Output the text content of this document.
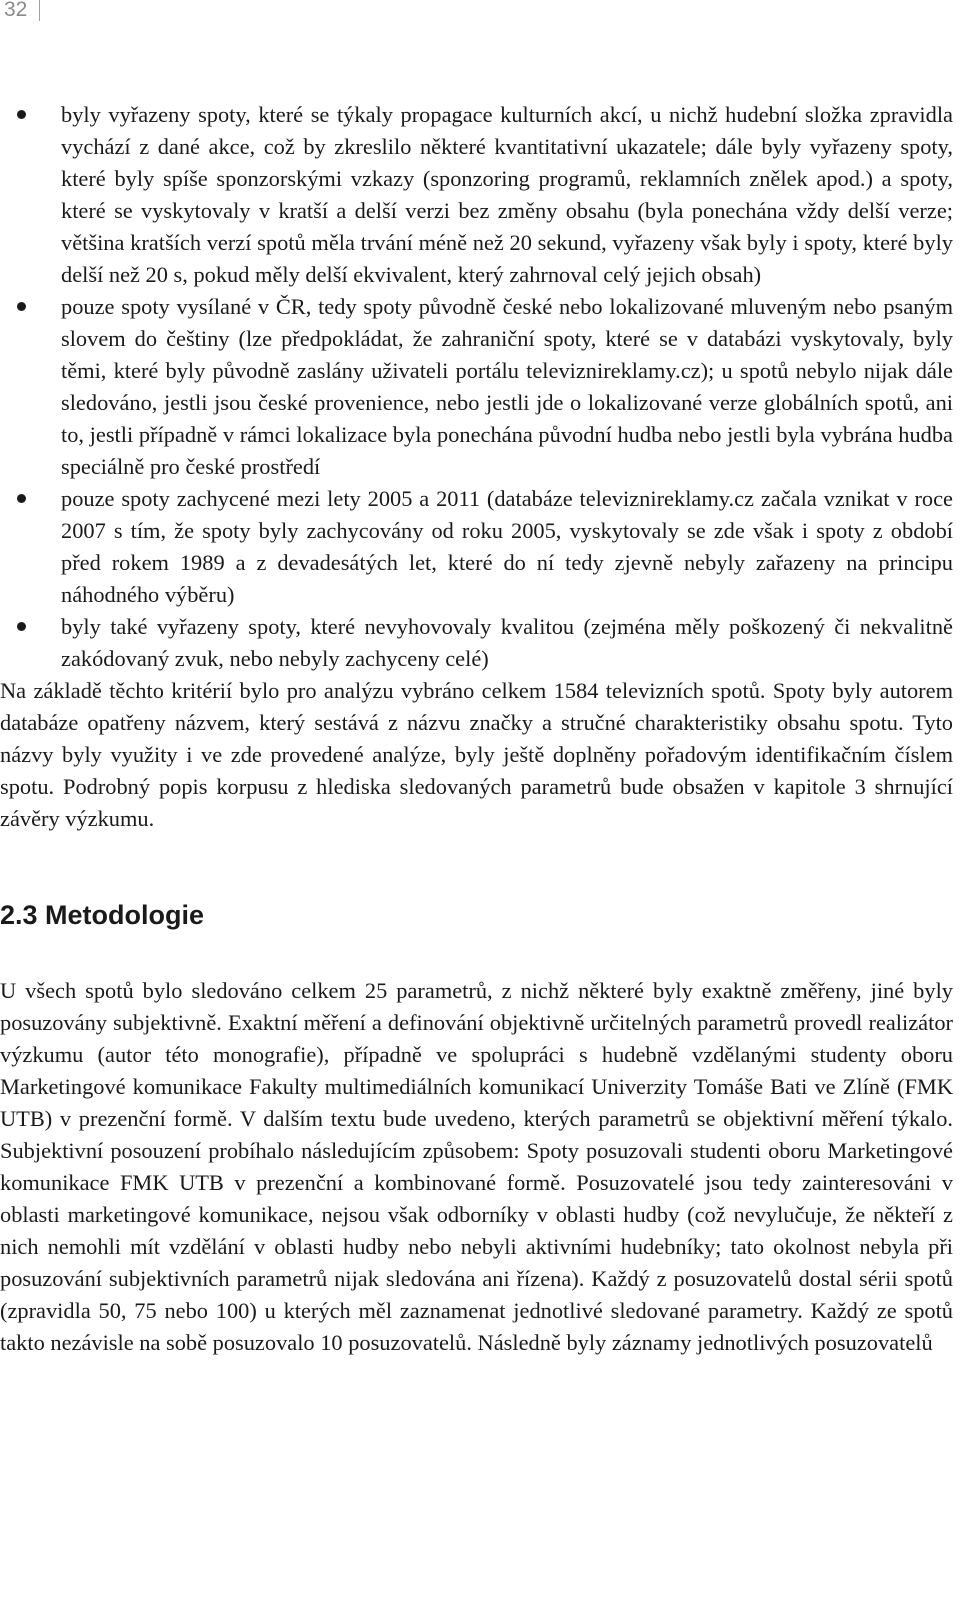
32
byly vyřazeny spoty, které se týkaly propagace kulturních akcí, u nichž hudební složka zpravidla vychází z dané akce, což by zkreslilo některé kvantitativní ukazatele; dále byly vyřazeny spoty, které byly spíše sponzorskými vzkazy (sponzoring programů, reklamních znělek apod.) a spoty, které se vyskytovaly v kratší a delší verzi bez změny obsahu (byla ponechána vždy delší verze; většina kratších verzí spotů měla trvání méně než 20 sekund, vyřazeny však byly i spoty, které byly delší než 20 s, pokud měly delší ekvivalent, který zahrnoval celý jejich obsah)
pouze spoty vysílané v ČR, tedy spoty původně české nebo lokalizované mluveným nebo psaným slovem do češtiny (lze předpokládat, že zahraniční spoty, které se v databázi vyskytovaly, byly těmi, které byly původně zaslány uživateli portálu televiznireklamy.cz); u spotů nebylo nijak dále sledováno, jestli jsou české provenience, nebo jestli jde o lokalizované verze globálních spotů, ani to, jestli případně v rámci lokalizace byla ponechána původní hudba nebo jestli byla vybrána hudba speciálně pro české prostředí
pouze spoty zachycené mezi lety 2005 a 2011 (databáze televiznireklamy.cz začala vznikat v roce 2007 s tím, že spoty byly zachycovány od roku 2005, vyskytovaly se zde však i spoty z období před rokem 1989 a z devadesátých let, které do ní tedy zjevně nebyly zařazeny na principu náhodného výběru)
byly také vyřazeny spoty, které nevyhovovaly kvalitou (zejména měly poškozený či nekvalitně zakódovaný zvuk, nebo nebyly zachyceny celé)

Na základě těchto kritérií bylo pro analýzu vybráno celkem 1584 televizních spotů. Spoty byly autorem databáze opatřeny názvem, který sestává z názvu značky a stručné charakteristiky obsahu spotu. Tyto názvy byly využity i ve zde provedené analýze, byly ještě doplněny pořadovým identifikačním číslem spotu. Podrobný popis korpusu z hlediska sledovaných parametrů bude obsažen v kapitole 3 shrnující závěry výzkumu.

2.3 Metodologie

U všech spotů bylo sledováno celkem 25 parametrů, z nichž některé byly exaktně změřeny, jiné byly posuzovány subjektivně. Exaktní měření a definování objektivně určitelných parametrů provedl realizátor výzkumu (autor této monografie), případně ve spolupráci s hudebně vzdělanými studenty oboru Marketingové komunikace Fakulty multimediálních komunikací Univerzity Tomáše Bati ve Zlíně (FMK UTB) v prezenční formě. V dalším textu bude uvedeno, kterých parametrů se objektivní měření týkalo. Subjektivní posouzení probíhalo následujícím způsobem: Spoty posuzovali studenti oboru Marketingové komunikace FMK UTB v prezenční a kombinované formě. Posuzovatelé jsou tedy zainteresováni v oblasti marketingové komunikace, nejsou však odborníky v oblasti hudby (což nevylučuje, že někteří z nich nemohli mít vzdělání v oblasti hudby nebo nebyli aktivními hudebníky; tato okolnost nebyla při posuzování subjektivních parametrů nijak sledována ani řízena). Každý z posuzovatelů dostal sérii spotů (zpravidla 50, 75 nebo 100) u kterých měl zaznamenat jednotlivé sledované parametry. Každý ze spotů takto nezávisle na sobě posuzovalo 10 posuzovatelů. Následně byly záznamy jednotlivých posuzovatelů
